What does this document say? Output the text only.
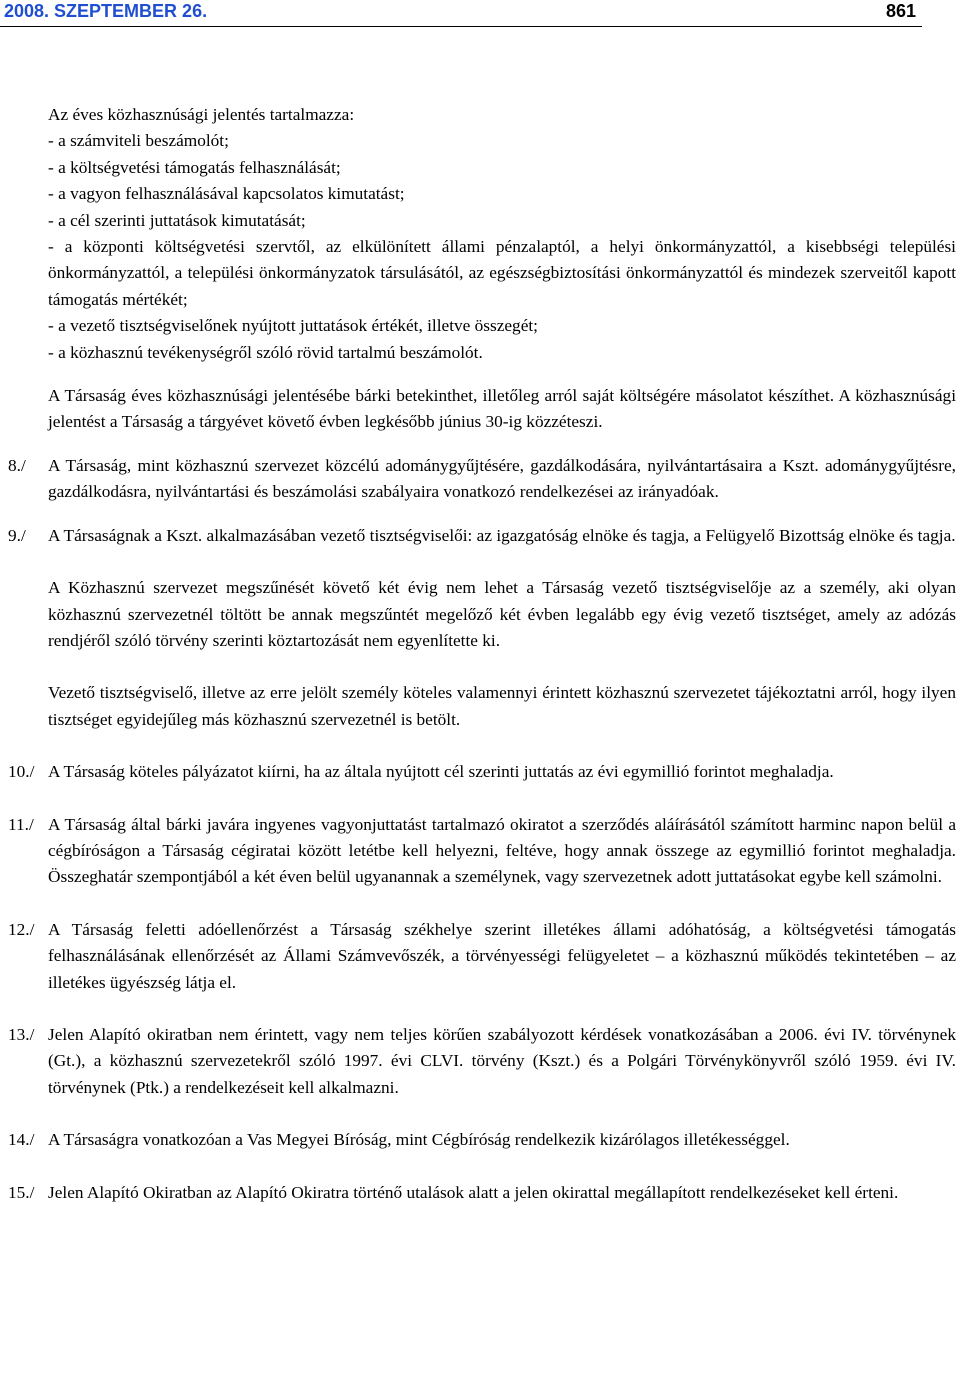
2008. SZEPTEMBER 26.	861
Az éves közhasznúsági jelentés tartalmazza:
- a számviteli beszámolót;
- a költségvetési támogatás felhasználását;
- a vagyon felhasználásával kapcsolatos kimutatást;
- a cél szerinti juttatások kimutatását;
- a központi költségvetési szervtől, az elkülönített állami pénzalaptól, a helyi önkormányzattól, a kisebbségi települési önkormányzattól, a települési önkormányzatok társulásától, az egészségbiztosítási önkormányzattól és mindezek szerveitől kapott támogatás mértékét;
- a vezető tisztségviselőnek nyújtott juttatások értékét, illetve összegét;
- a közhasznú tevékenységről szóló rövid tartalmú beszámolót.
A Társaság éves közhasznúsági jelentésébe bárki betekinthet, illetőleg arról saját költségére másolatot készíthet. A közhasznúsági jelentést a Társaság a tárgyévet követő évben legkésőbb június 30-ig közzéteszi.
8./ A Társaság, mint közhasznú szervezet közcélú adománygyűjtésére, gazdálkodására, nyilvántartásaira a Kszt. adománygyűjtésre, gazdálkodásra, nyilvántartási és beszámolási szabályaira vonatkozó rendelkezései az irányadóak.
9./ A Társaságnak a Kszt. alkalmazásában vezető tisztségviselői: az igazgatóság elnöke és tagja, a Felügyelő Bizottság elnöke és tagja.
A Közhasznú szervezet megszűnését követő két évig nem lehet a Társaság vezető tisztségviselője az a személy, aki olyan közhasznú szervezetnél töltött be annak megszűntét megelőző két évben legalább egy évig vezető tisztséget, amely az adózás rendjéről szóló törvény szerinti köztartozását nem egyenlítette ki.
Vezető tisztségviselő, illetve az erre jelölt személy köteles valamennyi érintett közhasznú szervezetet tájékoztatni arról, hogy ilyen tisztséget egyidejűleg más közhasznú szervezetnél is betölt.
10./ A Társaság köteles pályázatot kiírni, ha az általa nyújtott cél szerinti juttatás az évi egymillió forintot meghaladja.
11./ A Társaság által bárki javára ingyenes vagyonjuttatást tartalmazó okiratot a szerződés aláírásától számított harminc napon belül a cégbíróságon a Társaság cégiratai között letétbe kell helyezni, feltéve, hogy annak összege az egymillió forintot meghaladja. Összeghatár szempontjából a két éven belül ugyanannak a személynek, vagy szervezetnek adott juttatásokat egybe kell számolni.
12./ A Társaság feletti adóellenőrzést a Társaság székhelye szerint illetékes állami adóhatóság, a költségvetési támogatás felhasználásának ellenőrzését az Állami Számvevőszék, a törvényességi felügyeletet – a közhasznú működés tekintetében – az illetékes ügyészség látja el.
13./ Jelen Alapító okiratban nem érintett, vagy nem teljes körűen szabályozott kérdések vonatkozásában a 2006. évi IV. törvénynek (Gt.), a közhasznú szervezetekről szóló 1997. évi CLVI. törvény (Kszt.) és a Polgári Törvénykönyvről szóló 1959. évi IV. törvénynek (Ptk.) a rendelkezéseit kell alkalmazni.
14./ A Társaságra vonatkozóan a Vas Megyei Bíróság, mint Cégbíróság rendelkezik kizárólagos illetékességgel.
15./ Jelen Alapító Okiratban az Alapító Okiratra történő utalások alatt a jelen okirattal megállapított rendelkezéseket kell érteni.
